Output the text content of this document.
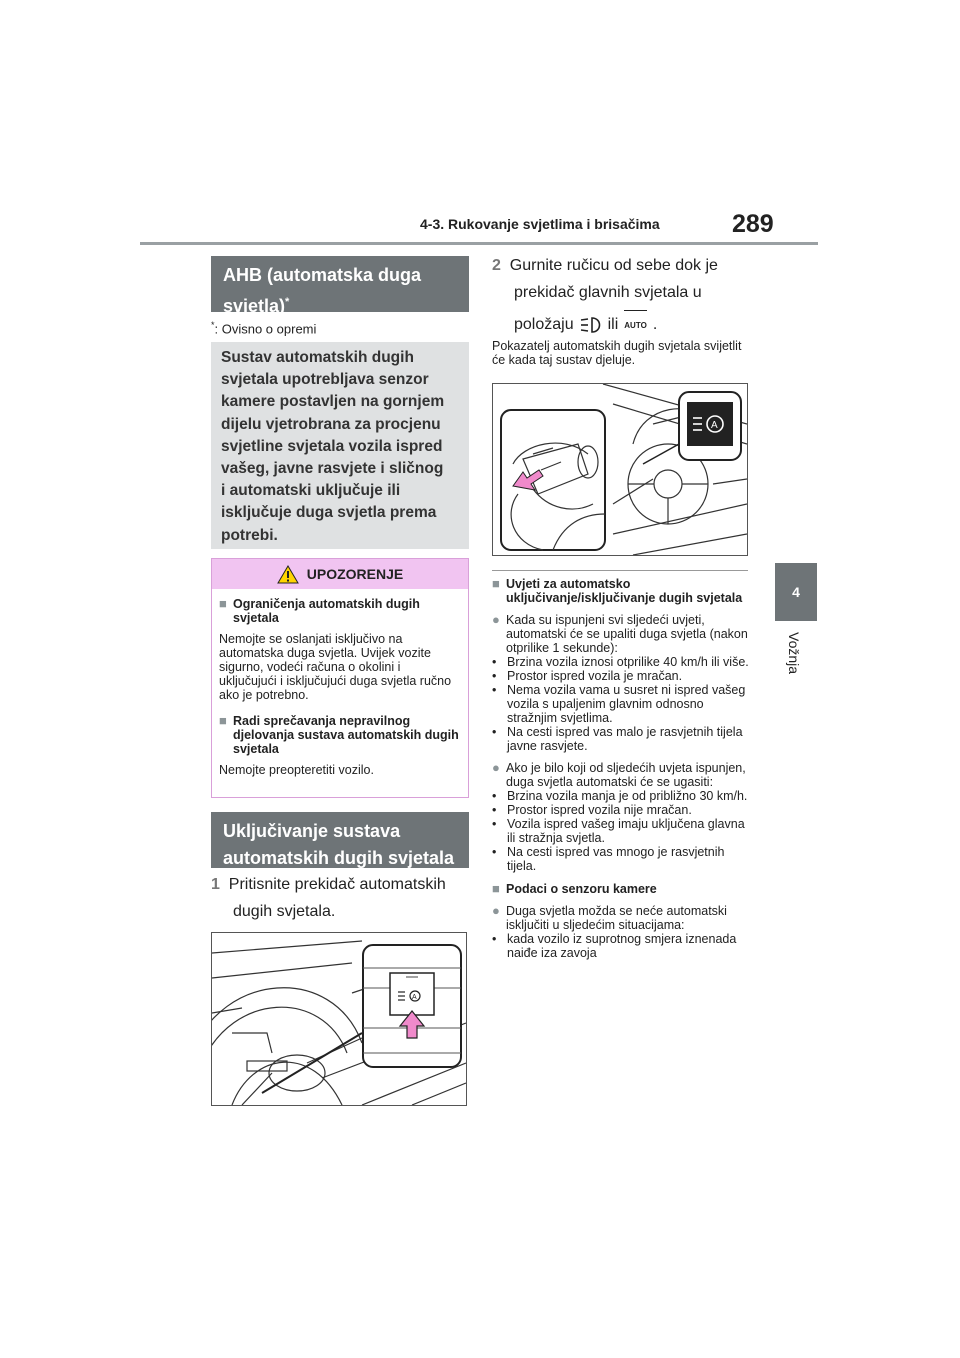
4-3. Rukovanje svjetlima i brisačima	289
4
Vožnja
AHB (automatska duga
svjetla)*
*: Ovisno o opremi
Sustav automatskih dugih
svjetala upotrebljava senzor
kamere postavljen na gornjem
dijelu vjetrobrana za procjenu
svjetline svjetala vozila ispred
vašeg, javne rasvjete i sličnog
i automatski uključuje ili
isključuje duga svjetla prema
potrebi.
UPOZORENJE
■ Ograničenja automatskih dugih svjetala
Nemojte se oslanjati isključivo na automatska duga svjetla. Uvijek vozite sigurno, vodeći računa o okolini i uključujući i isključujući duga svjetla ručno ako je potrebno.
■ Radi sprečavanja nepravilnog djelovanja sustava automatskih dugih svjetala
Nemojte preopteretiti vozilo.
Uključivanje sustava
automatskih dugih svjetala
1 Pritisnite prekidač automatskih
dugih svjetala.
A
2 Gurnite ručicu od sebe dok je
prekidač glavnih svjetala u
položaju ili AUTO .
Pokazatelj automatskih dugih svjetala svijetlit će kada taj sustav djeluje.
A
■ Uvjeti za automatsko uključivanje/isključivanje dugih svjetala
● Kada su ispunjeni svi sljedeći uvjeti, automatski će se upaliti duga svjetla (nakon otprilike 1 sekunde):
• Brzina vozila iznosi otprilike 40 km/h ili više.
• Prostor ispred vozila je mračan.
• Nema vozila vama u susret ni ispred vašeg vozila s upaljenim glavnim odnosno stražnjim svjetlima.
• Na cesti ispred vas malo je rasvjetnih tijela javne rasvjete.
● Ako je bilo koji od sljedećih uvjeta ispunjen, duga svjetla automatski će se ugasiti:
• Brzina vozila manja je od približno 30 km/h.
• Prostor ispred vozila nije mračan.
• Vozila ispred vašeg imaju uključena glavna ili stražnja svjetla.
• Na cesti ispred vas mnogo je rasvjetnih tijela.
■ Podaci o senzoru kamere
● Duga svjetla možda se neće automatski isključiti u sljedećim situacijama:
• kada vozilo iz suprotnog smjera iznenada naiđe iza zavoja
